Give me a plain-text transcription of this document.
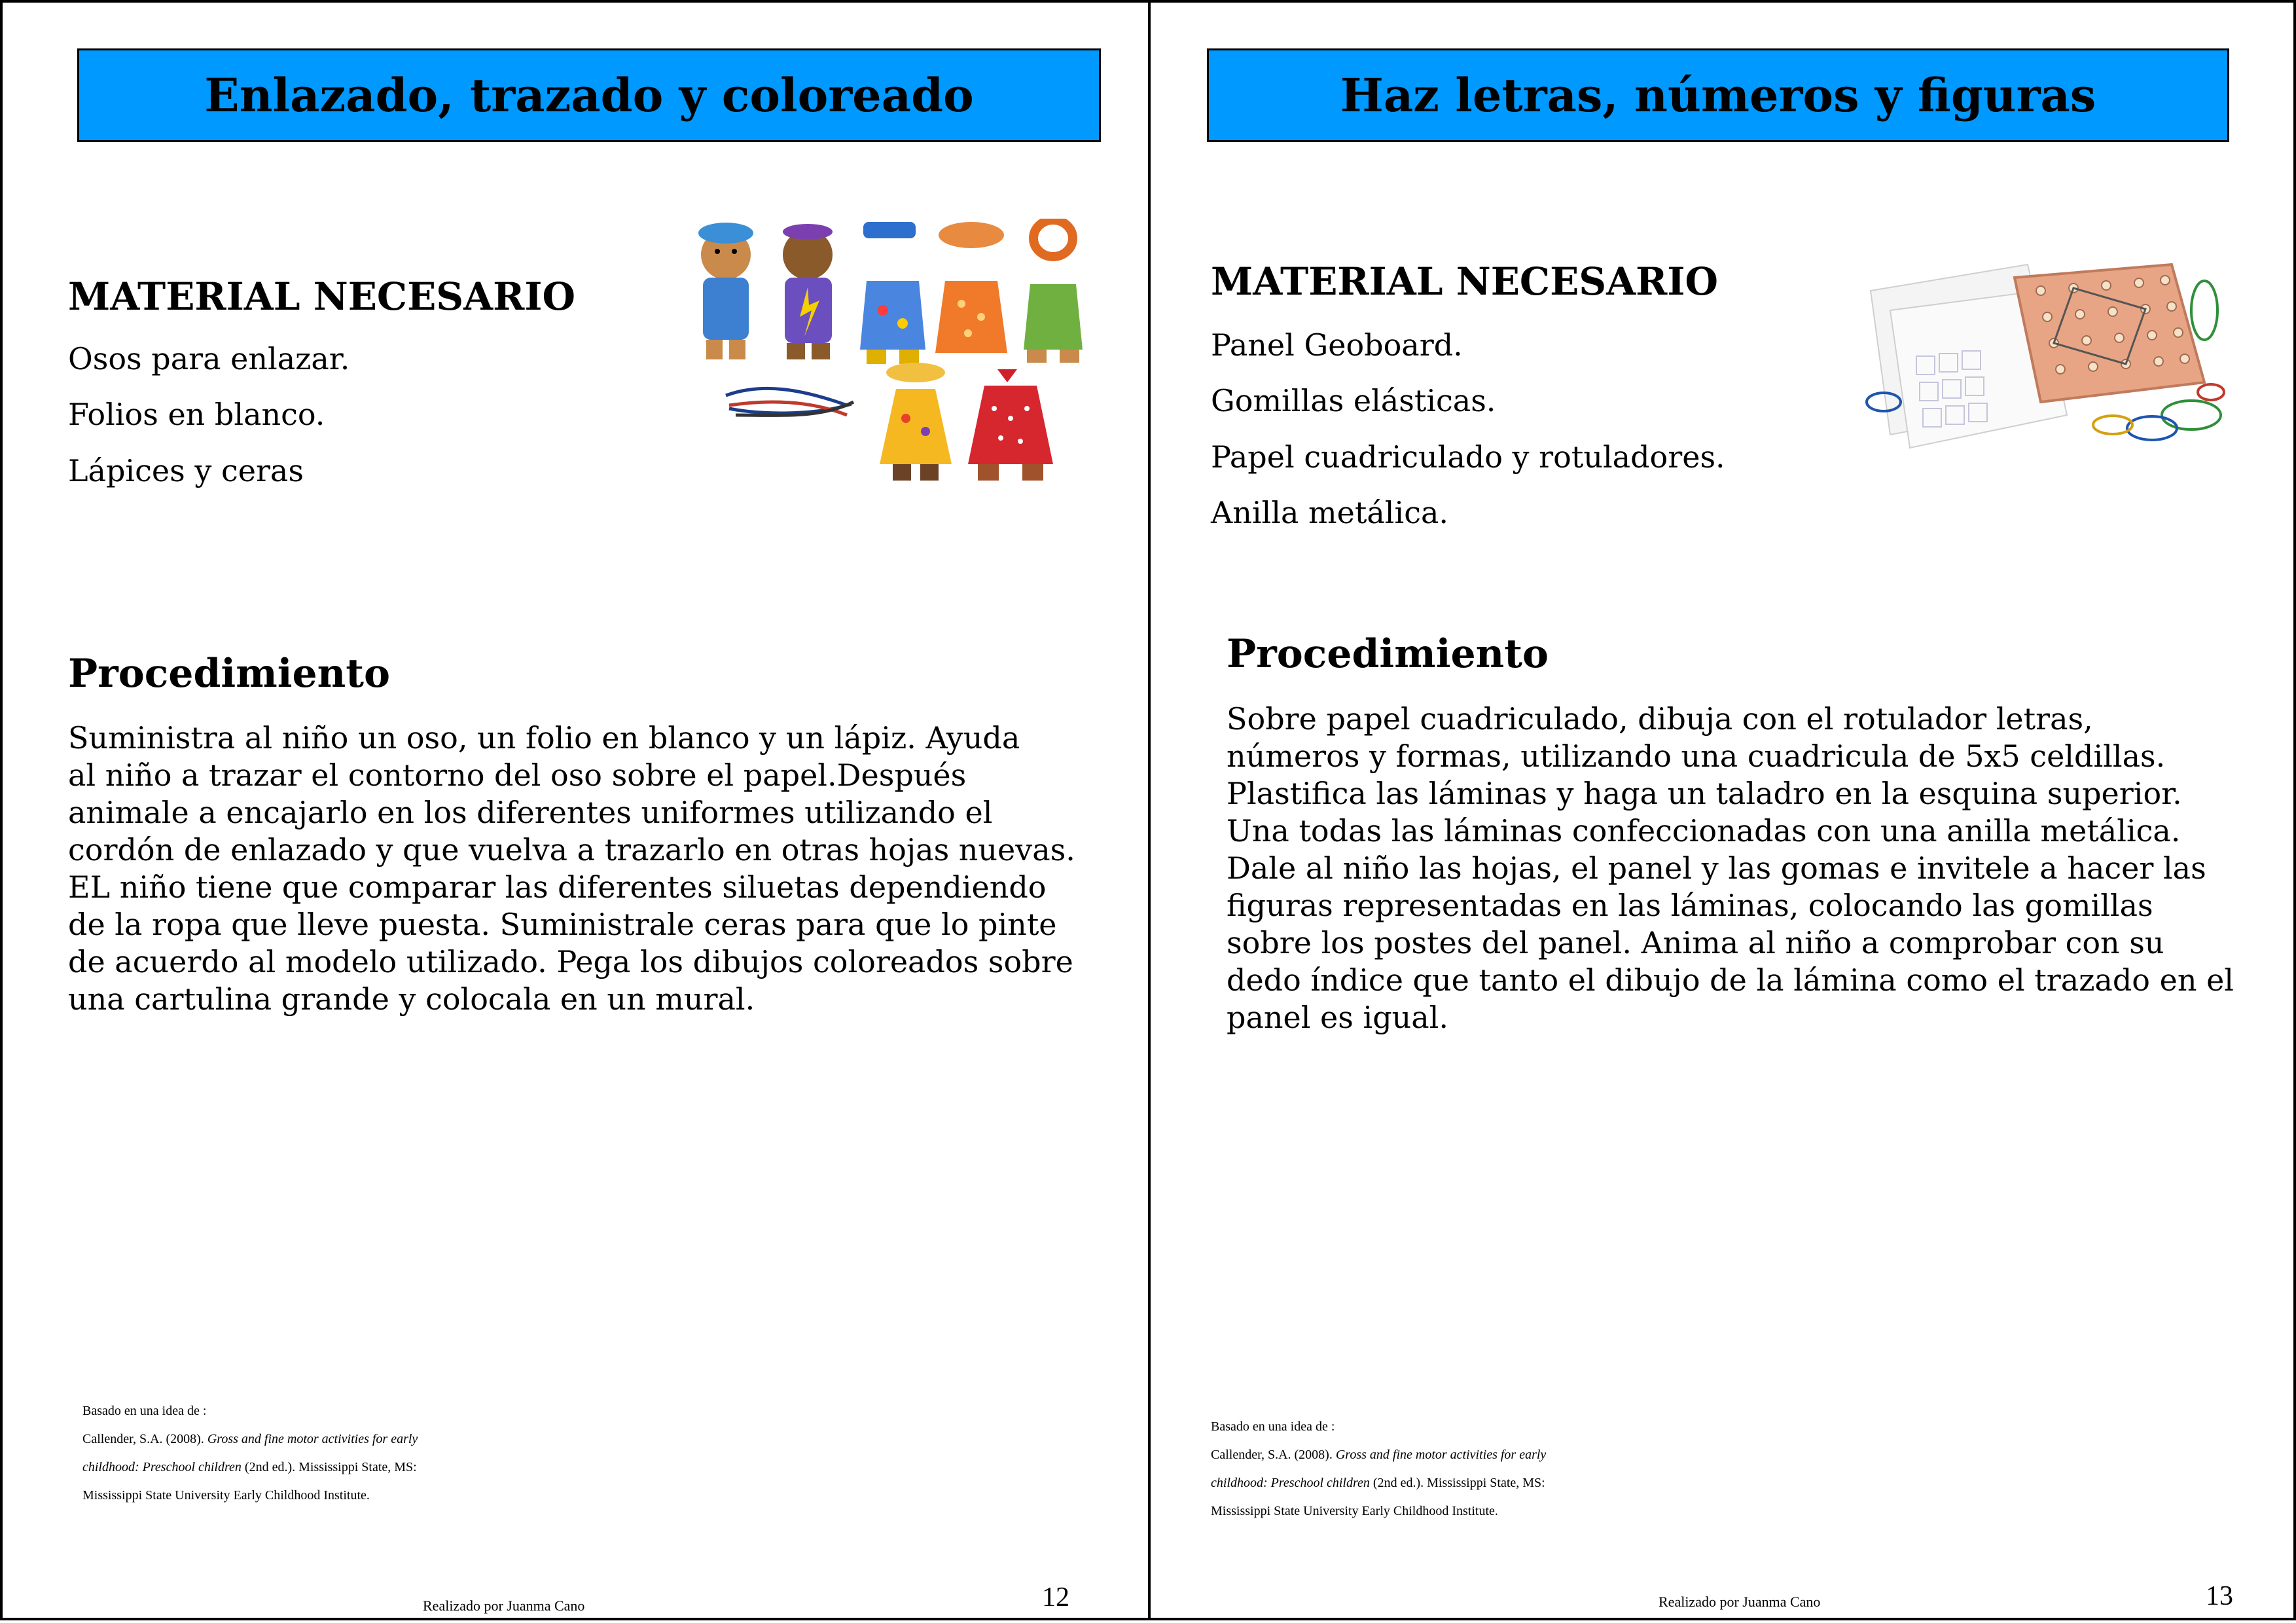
Enlazado, trazado y coloreado
MATERIAL NECESARIO
Osos para enlazar.
Folios en blanco.
Lápices y ceras
Procedimiento
Suministra al niño un oso, un folio en blanco y un lápiz. Ayuda
al niño a trazar el contorno del oso sobre el papel.Después
animale a encajarlo en los diferentes uniformes utilizando el
cordón de enlazado y que vuelva a trazarlo en otras hojas nuevas.
EL niño tiene que comparar las diferentes siluetas dependiendo
de la ropa que lleve puesta. Suministrale ceras para que lo pinte
de acuerdo al modelo utilizado. Pega los dibujos coloreados sobre
una cartulina grande y colocala en un mural.

Basado en una idea de :

Callender, S.A. (2008). Gross and fine motor activities for early

childhood: Preschool children (2nd ed.). Mississippi State, MS:

Mississippi State University Early Childhood Institute.

Realizado por Juanma Cano	12
Haz letras, números y figuras
MATERIAL NECESARIO
Panel Geoboard.
Gomillas elásticas.
Papel cuadriculado y rotuladores.
Anilla metálica.
Procedimiento
Sobre papel cuadriculado, dibuja con el rotulador letras,
números y formas, utilizando una cuadricula de 5x5 celdillas.
Plastifica las láminas y haga un taladro en la esquina superior.
Una todas las láminas confeccionadas con una anilla metálica.
Dale al niño las hojas, el panel y las gomas e invitele a hacer las
figuras representadas en las láminas, colocando las gomillas
sobre los postes del panel. Anima al niño a comprobar con su
dedo índice que tanto el dibujo de la lámina como el trazado en el
panel es igual.

Basado en una idea de :

Callender, S.A. (2008). Gross and fine motor activities for early

childhood: Preschool children (2nd ed.). Mississippi State, MS:

Mississippi State University Early Childhood Institute.

Realizado por Juanma Cano	13
